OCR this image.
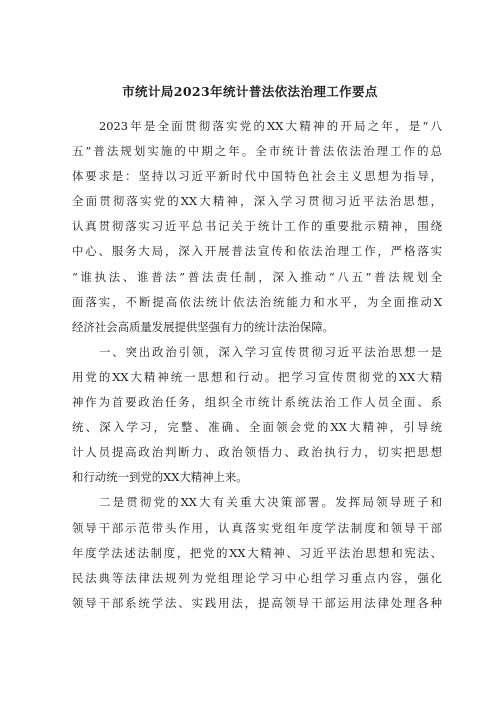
市统计局2023年统计普法依法治理工作要点
2023年是全面贯彻落实党的XX大精神的开局之年，是“八
五”普法规划实施的中期之年。全市统计普法依法治理工作的总
体要求是：坚持以习近平新时代中国特色社会主义思想为指导，
全面贯彻落实党的XX大精神，深入学习贯彻习近平法治思想，
认真贯彻落实习近平总书记关于统计工作的重要批示精神，围绕
中心、服务大局，深入开展普法宣传和依法治理工作，严格落实
“谁执法、谁普法”普法责任制，深入推动“八五”普法规划全
面落实，不断提高依法统计依法治统能力和水平，为全面推动X
经济社会高质量发展提供坚强有力的统计法治保障。
一、突出政治引领，深入学习宣传贯彻习近平法治思想一是
用党的XX大精神统一思想和行动。把学习宣传贯彻党的XX大精
神作为首要政治任务，组织全市统计系统法治工作人员全面、系
统、深入学习，完整、准确、全面领会党的XX大精神，引导统
计人员提高政治判断力、政治领悟力、政治执行力，切实把思想
和行动统一到党的XX大精神上来。
二是贯彻党的XX大有关重大决策部署。发挥局领导班子和
领导干部示范带头作用，认真落实党组年度学法制度和领导干部
年度学法述法制度，把党的XX大精神、习近平法治思想和宪法、
民法典等法律法规列为党组理论学习中心组学习重点内容，强化
领导干部系统学法、实践用法，提高领导干部运用法律处理各种
